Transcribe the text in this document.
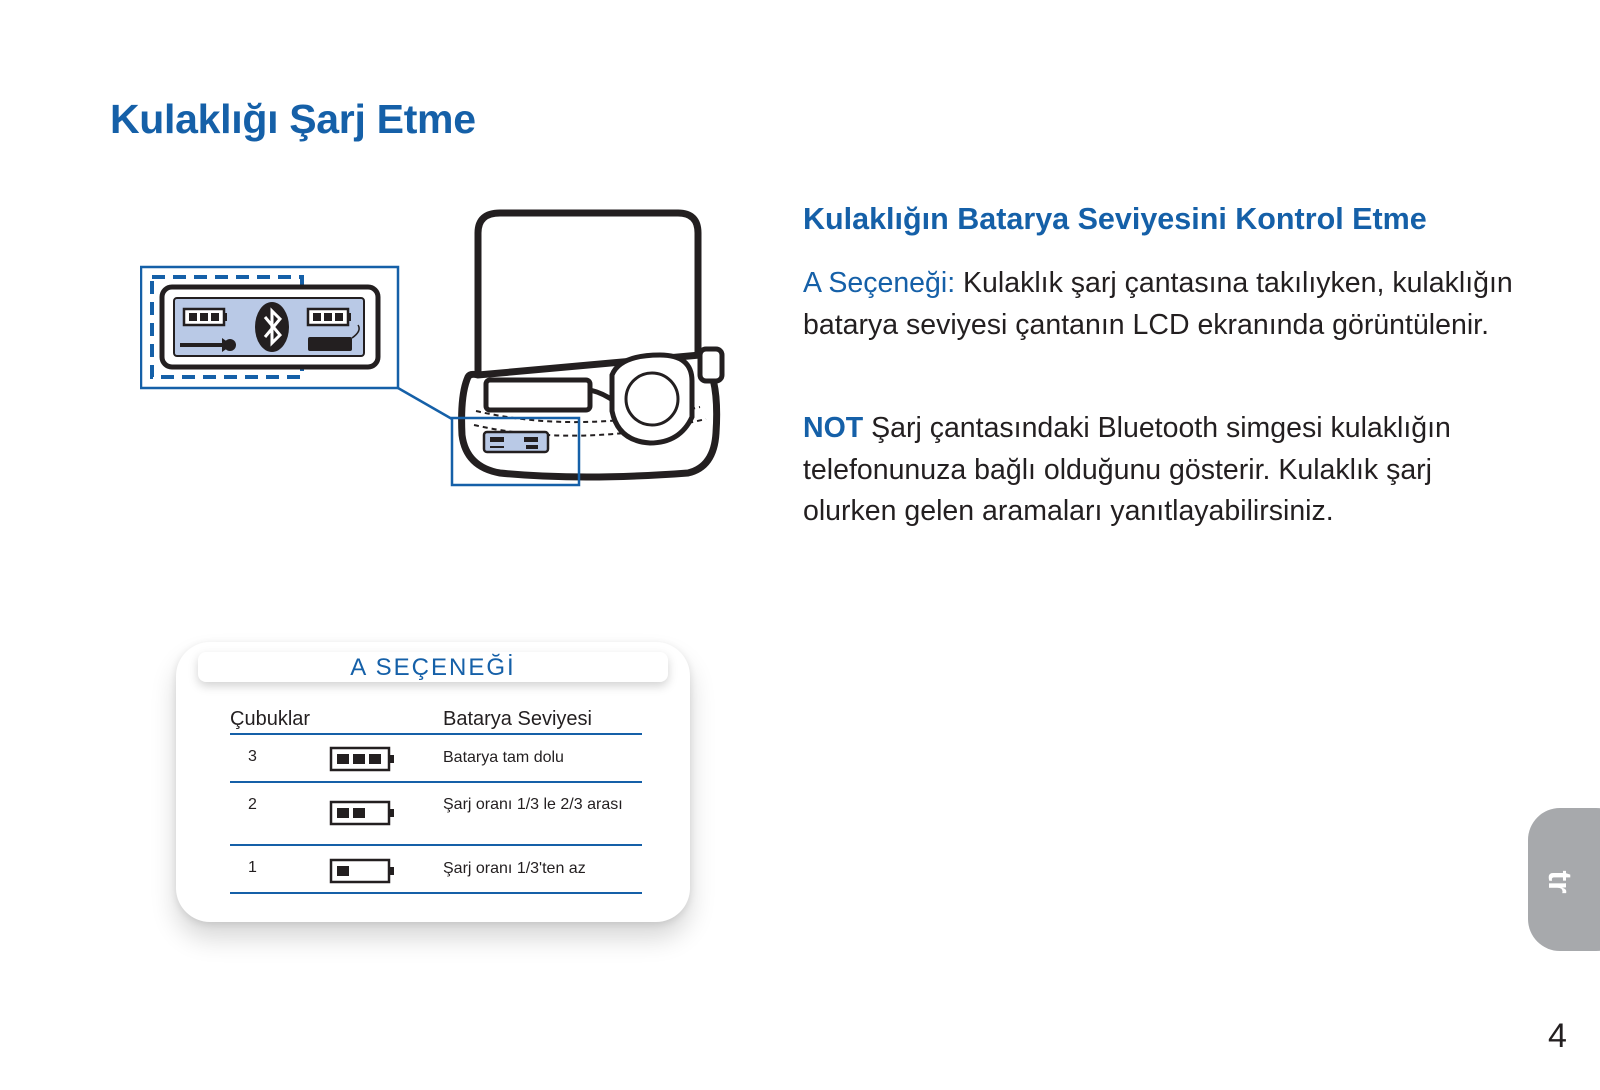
Kulaklığı Şarj Etme
Kulaklığın Batarya Seviyesini Kontrol Etme
A Seçeneği: Kulaklık şarj çantasına takılıyken, kulaklığın batarya seviyesi çantanın LCD ekranında görüntülenir.
NOT Şarj çantasındaki Bluetooth simgesi kulaklığın telefonunuza bağlı olduğunu gösterir. Kulaklık şarj olurken gelen aramaları yanıtlayabilirsiniz.
A SEÇENEĞİ
Çubuklar	Batarya Seviyesi
3	Batarya tam dolu
2	Şarj oranı 1/3 le 2/3 arası
1	Şarj oranı 1/3'ten az
tr
4
